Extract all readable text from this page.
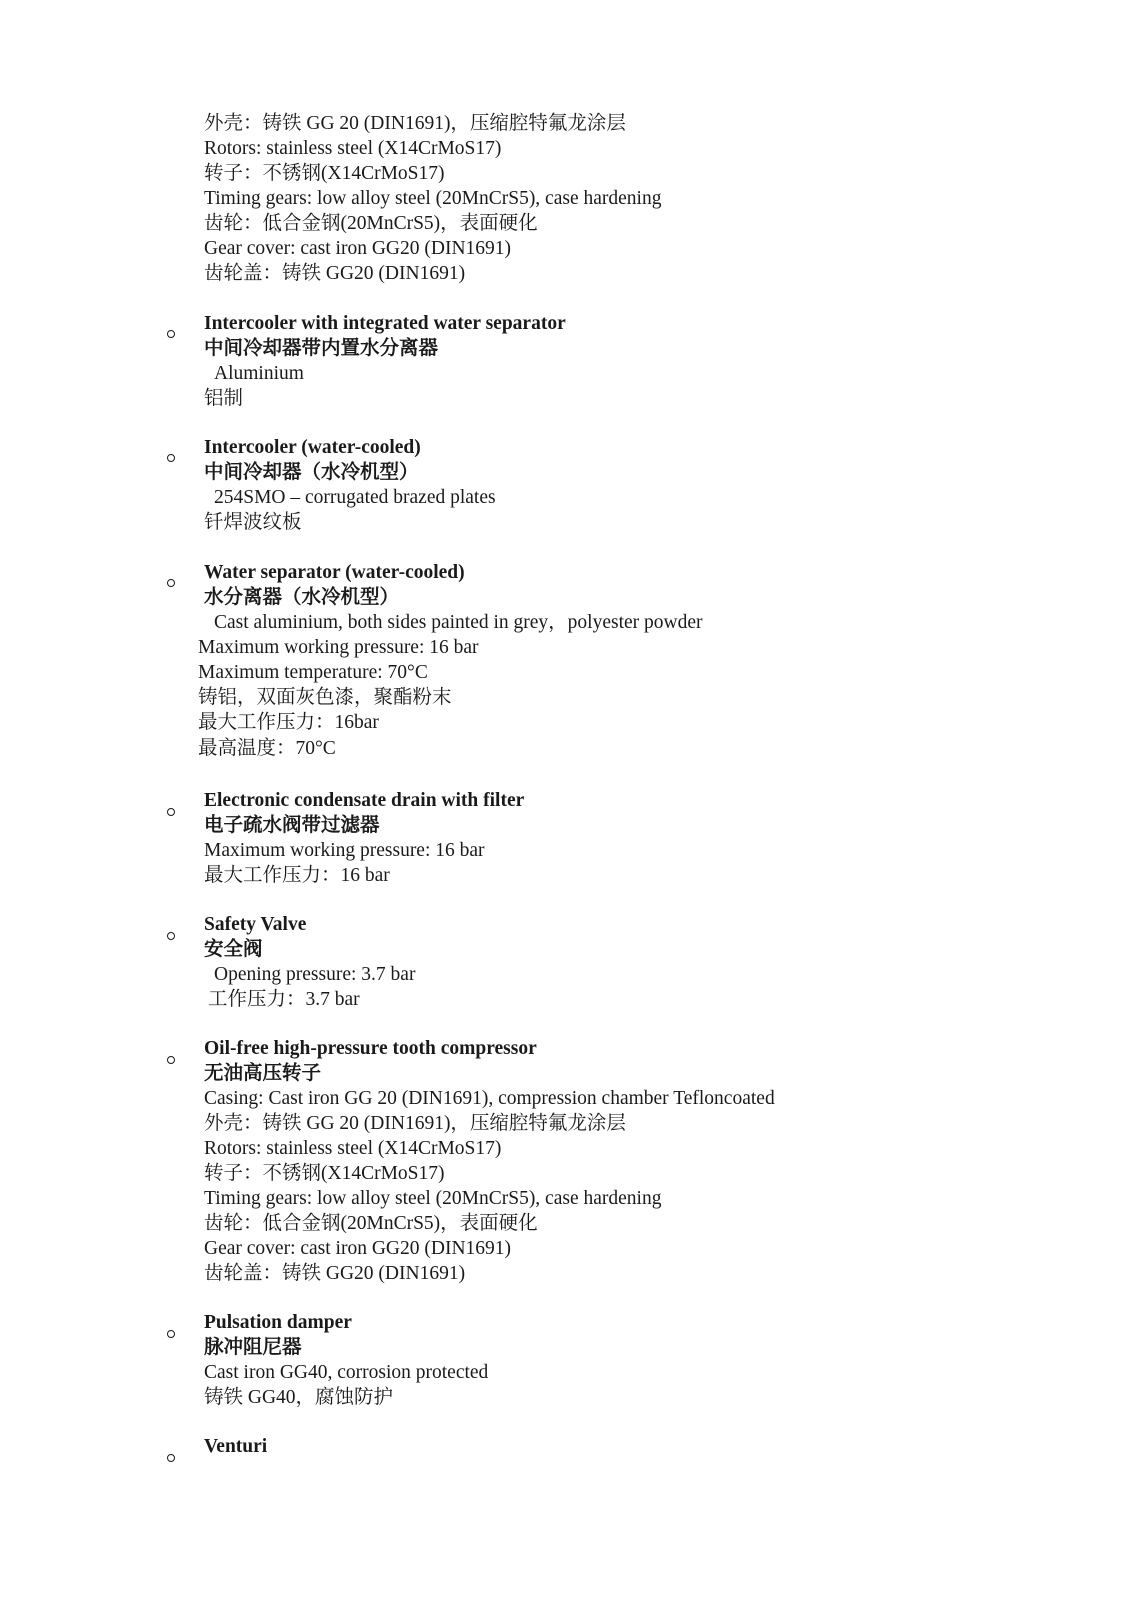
外壳：铸铁 GG 20 (DIN1691)，压缩腔特氟龙涂层
Rotors: stainless steel (X14CrMoS17)
转子：不锈钢(X14CrMoS17)
Timing gears: low alloy steel (20MnCrS5), case hardening
齿轮：低合金钢(20MnCrS5)，表面硬化
Gear cover: cast iron GG20 (DIN1691)
齿轮盖：铸铁 GG20 (DIN1691)
Intercooler with integrated water separator
中间冷却器带内置水分离器
Aluminium
铝制
Intercooler (water-cooled)
中间冷却器（水冷机型）
254SMO – corrugated brazed plates
钎焊波纹板
Water separator (water-cooled)
水分离器（水冷机型）
Cast aluminium, both sides painted in grey，polyester powder
Maximum working pressure: 16 bar
Maximum temperature: 70°C
铸铝，双面灰色漆，聚酯粉末
最大工作压力：16bar
最高温度：70°C
Electronic condensate drain with filter
电子疏水阀带过滤器
Maximum working pressure: 16 bar
最大工作压力：16 bar
Safety Valve
安全阀
Opening pressure: 3.7 bar
工作压力：3.7 bar
Oil-free high-pressure tooth compressor
无油高压转子
Casing: Cast iron GG 20 (DIN1691), compression chamber Tefloncoated
外壳：铸铁 GG 20 (DIN1691)，压缩腔特氟龙涂层
Rotors: stainless steel (X14CrMoS17)
转子：不锈钢(X14CrMoS17)
Timing gears: low alloy steel (20MnCrS5), case hardening
齿轮：低合金钢(20MnCrS5)，表面硬化
Gear cover: cast iron GG20 (DIN1691)
齿轮盖：铸铁 GG20 (DIN1691)
Pulsation damper
脉冲阻尼器
Cast iron GG40, corrosion protected
铸铁 GG40，腐蚀防护
Venturi
